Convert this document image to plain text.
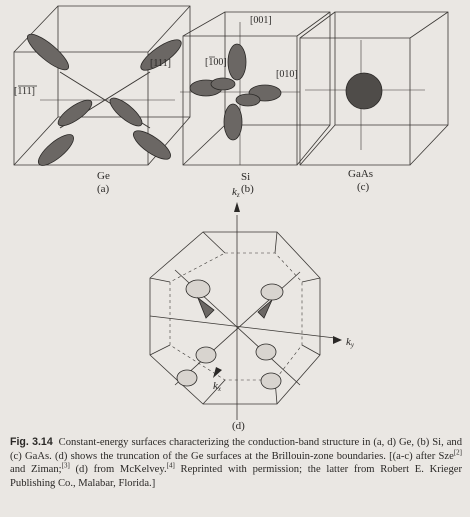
[111]
[111]
Ge
(a)
[001]
[100]
[010]
Si
(b)
GaAs
(c)
kz
ky
kx
(d)
Fig. 3.14 Constant-energy surfaces characterizing the conduction-band structure in (a, d) Ge, (b) Si, and (c) GaAs. (d) shows the truncation of the Ge surfaces at the Brillouin-zone boundaries. [(a-c) after Sze[2] and Ziman;[3] (d) from McKelvey.[4] Reprinted with permission; the latter from Robert E. Krieger Publishing Co., Malabar, Florida.]
